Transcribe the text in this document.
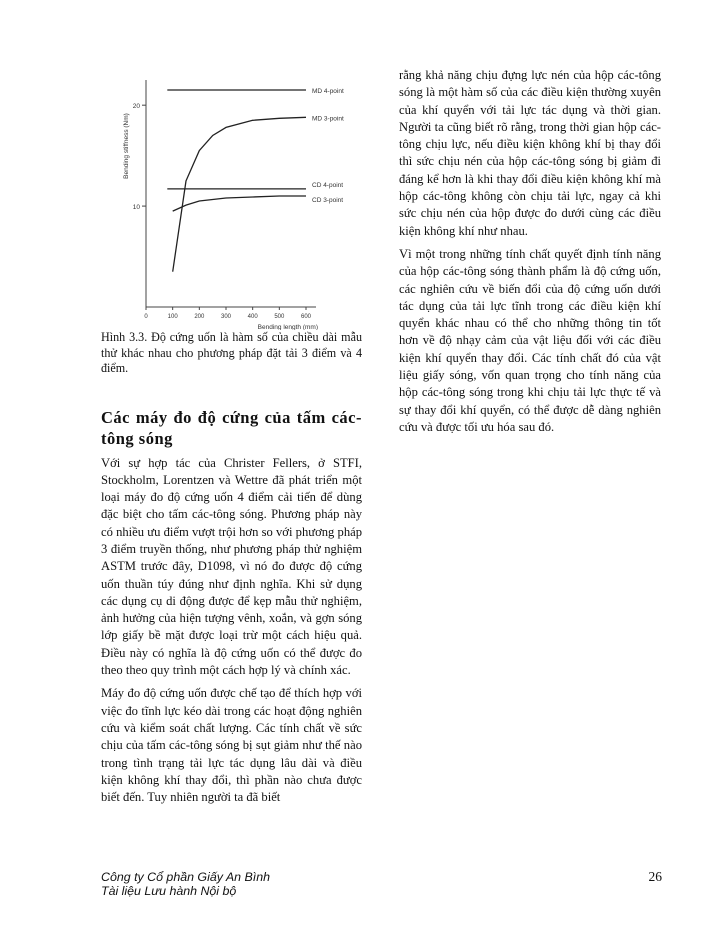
20
10
0	100	200	300	400	500	600
Bending length (mm)
Bending stiffness (Nm)
MD 4-point
MD 3-point
CD 4-point
CD 3-point

Hình 3.3. Độ cứng uốn là hàm số của chiều dài mẫu thử khác nhau cho phương pháp đặt tải 3 điểm và 4 điểm.

Các máy đo độ cứng của tấm các-tông sóng

Với sự hợp tác của Christer Fellers, ở STFI, Stockholm, Lorentzen và Wettre đã phát triển một loại máy đo độ cứng uốn 4 điểm cải tiến để dùng đặc biệt cho tấm các-tông sóng. Phương pháp này có nhiều ưu điểm vượt trội hơn so với phương pháp 3 điểm truyền thống, như phương pháp thử nghiệm ASTM trước đây, D1098, vì nó đo được độ cứng uốn thuần túy đúng như định nghĩa. Khi sử dụng các dụng cụ di động được để kẹp mẫu thử nghiệm, ảnh hưởng của hiện tượng vênh, xoắn, và gợn sóng lớp giấy bề mặt được loại trừ một cách hiệu quả. Điều này có nghĩa là độ cứng uốn có thể được đo theo theo quy trình một cách hợp lý và chính xác.

Máy đo độ cứng uốn được chế tạo để thích hợp với việc đo tĩnh lực kéo dài trong các hoạt động nghiên cứu và kiểm soát chất lượng. Các tính chất về sức chịu của tấm các-tông sóng bị sụt giảm như thế nào trong tình trạng tải lực tác dụng lâu dài và điều kiện không khí thay đổi, thì phần nào chưa được biết đến. Tuy nhiên người ta đã biết

rằng khả năng chịu đựng lực nén của hộp các-tông sóng là một hàm số của các điều kiện thường xuyên của khí quyển với tải lực tác dụng và thời gian. Người ta cũng biết rõ rằng, trong thời gian hộp các-tông chịu lực, nếu điều kiện không khí bị thay đổi thì sức chịu nén của hộp các-tông sóng bị giảm đi đáng kể hơn là khi thay đổi điều kiện không khí mà hộp các-tông không còn chịu tải lực, ngay cả khi sức chịu nén của hộp được đo dưới cùng các điều kiện không khí như nhau.

Vì một trong những tính chất quyết định tính năng của hộp các-tông sóng thành phẩm là độ cứng uốn, các nghiên cứu về biến đổi của độ cứng uốn dưới tác dụng của tải lực tĩnh trong các điều kiện khí quyển khác nhau có thể cho những thông tin tốt hơn về độ nhạy cảm của vật liệu đối với các điều kiện khí quyển thay đổi. Các tính chất đó của vật liệu giấy sóng, vốn quan trọng cho tính năng của hộp các-tông sóng trong khi chịu tải lực thực tế và sự thay đổi khí quyển, có thể được dễ dàng nghiên cứu và được tối ưu hóa sau đó.

Công ty Cổ phần Giấy An Bình
Tài liệu Lưu hành Nội bộ
26
